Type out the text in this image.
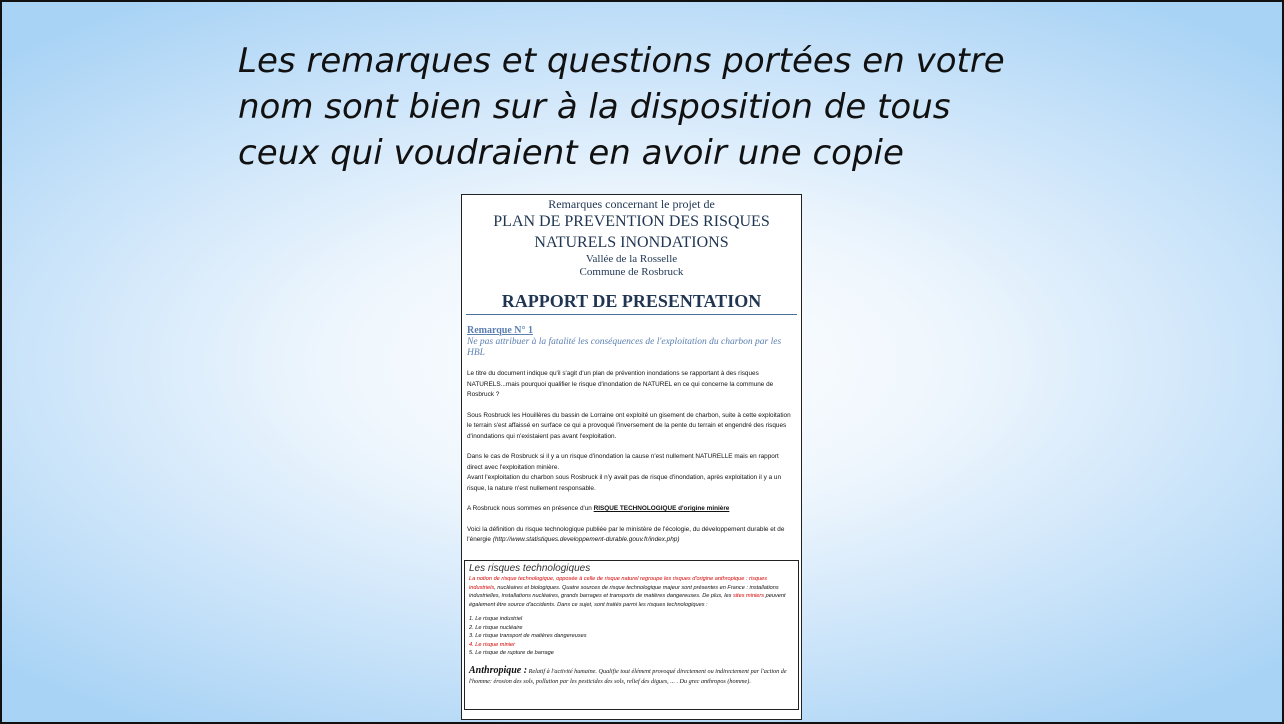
Les remarques et questions portées en votre
nom sont bien sur à la disposition de tous
ceux qui voudraient en avoir une copie
Remarques concernant le projet de
PLAN DE PREVENTION DES RISQUES
NATURELS INONDATIONS
Vallée de la Rosselle
Commune de Rosbruck
RAPPORT DE PRESENTATION
Remarque N° 1
Ne pas attribuer à la fatalité les conséquences de l'exploitation du charbon par les HBL
Le titre du document indique qu'il s'agit d'un plan de prévention inondations se rapportant à des risques NATURELS...mais pourquoi qualifier le risque d'inondation de NATUREL en ce qui concerne la commune de Rosbruck ?
Sous Rosbruck les Houillères du bassin de Lorraine ont exploité un gisement de charbon, suite à cette exploitation le terrain s'est affaissé en surface ce qui a provoqué l'inversement de la pente du terrain et engendré des risques d'inondations qui n'existaient pas avant l'exploitation.
Dans le cas de Rosbruck si il y a un risque d'inondation la cause n'est nullement NATURELLE mais en rapport direct avec l'exploitation minière.
Avant l'exploitation du charbon sous Rosbruck il n'y avait pas de risque d'inondation, après exploitation il y a un risque, la nature n'est nullement responsable.
A Rosbruck nous sommes en présence d'un RISQUE TECHNOLOGIQUE d'origine minière
Voici la définition du risque technologique publiée par le ministère de l'écologie, du développement durable et de l'énergie (http://www.statistiques.developpement-durable.gouv.fr/index.php)
Les risques technologiques
La notion de risque technologique, opposée à celle de risque naturel regroupe les risques d'origine anthropique : risques industriels, nucléaires et biologiques. Quatre sources de risque technologique majeur sont présentes en France : installations industrielles, installations nucléaires, grands barrages et transports de matières dangereuses. De plus, les sites miniers peuvent également être source d'accidents. Dans ce sujet, sont traités parmi les risques technologiques :
1. Le risque industriel
2. Le risque nucléaire
3. Le risque transport de matières dangereuses
4. Le risque minier
5. Le risque de rupture de barrage
Anthropique : Relatif à l'activité humaine. Qualifie tout élément provoqué directement ou indirectement par l'action de l'homme: érosion des sols, pollution par les pesticides des sols, relief des digues, ... . Du grec anthropos (homme).
